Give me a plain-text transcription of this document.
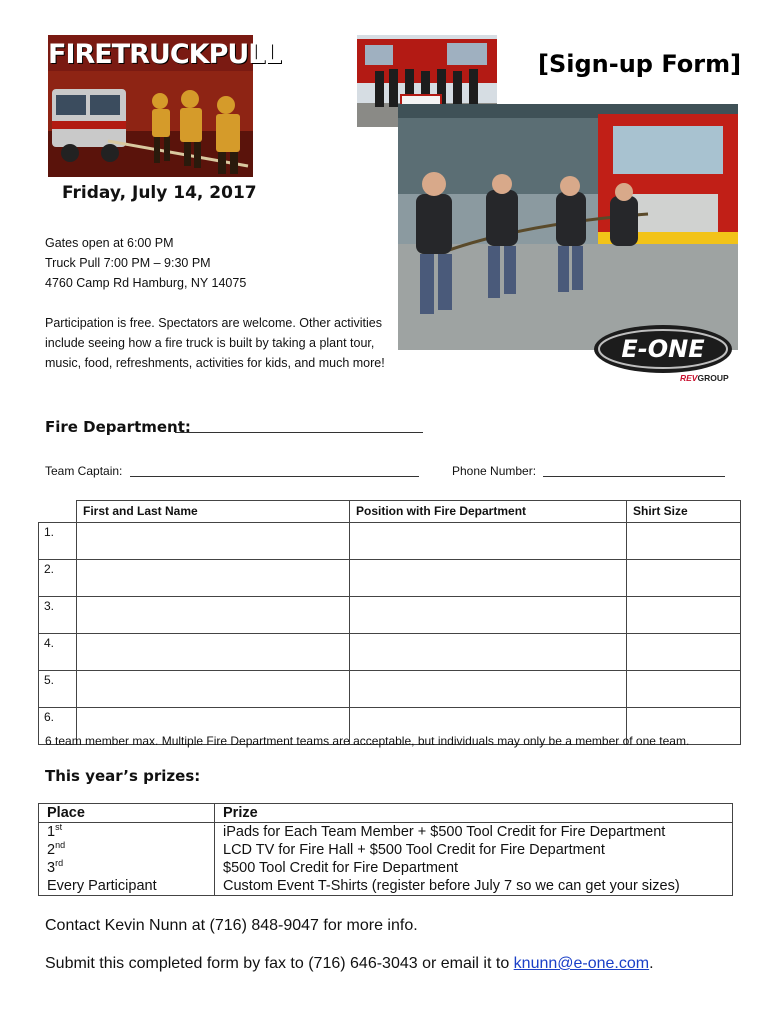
FIRETRUCKPULL	[Sign-up Form]
Friday, July 14, 2017
Gates open at 6:00 PM
Truck Pull 7:00 PM – 9:30 PM
4760 Camp Rd Hamburg, NY 14075
Participation is free. Spectators are welcome. Other activities include seeing how a fire truck is built by taking a plant tour, music, food, refreshments, activities for kids, and much more!	E-ONE
REVGROUP
Fire Department:
Team Captain:	Phone Number:
	First and Last Name	Position with Fire Department	Shirt Size
1.			
2.			
3.			
4.			
5.			
6.			
6 team member max. Multiple Fire Department teams are acceptable, but individuals may only be a member of one team.
This year’s prizes:
Place	Prize
1st	iPads for Each Team Member + $500 Tool Credit for Fire Department
2nd	LCD TV for Fire Hall + $500 Tool Credit for Fire Department
3rd	$500 Tool Credit for Fire Department
Every Participant	Custom Event T-Shirts (register before July 7 so we can get your sizes)
Contact Kevin Nunn at (716) 848-9047 for more info.
Submit this completed form by fax to (716) 646-3043 or email it to knunn@e-one.com.
